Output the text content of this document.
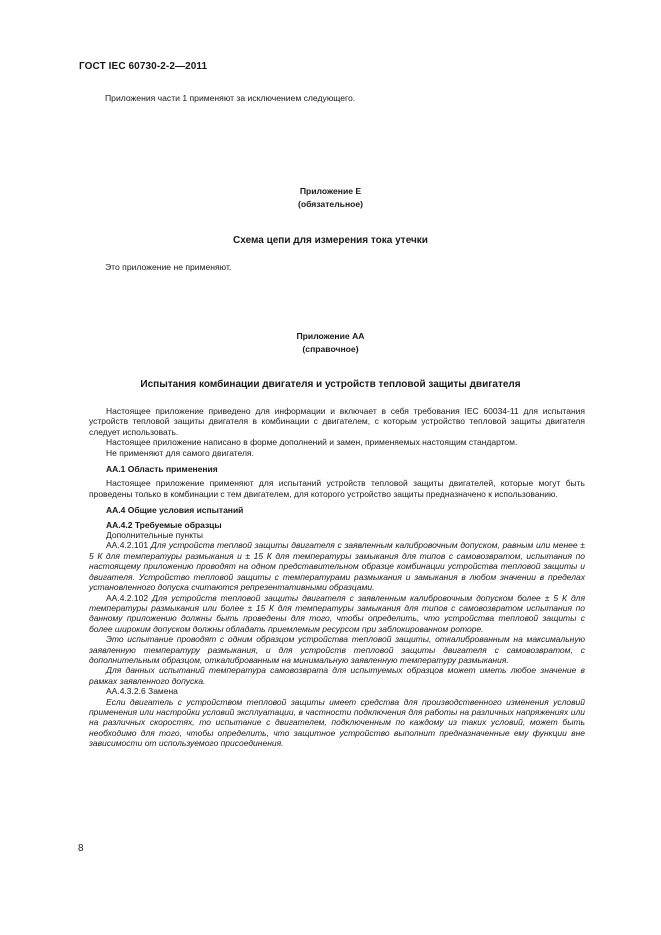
ГОСТ IEC 60730-2-2—2011
Приложения части 1 применяют за исключением следующего.
Приложение Е
(обязательное)
Схема цепи для измерения тока утечки
Это приложение не применяют.
Приложение АА
(справочное)
Испытания комбинации двигателя и устройств тепловой защиты двигателя

Настоящее приложение приведено для информации и включает в себя требования IEC 60034-11 для испытания устройств тепловой защиты двигателя в комбинации с двигателем, с которым устройство тепловой защиты двигателя следует использовать.

Настоящее приложение написано в форме дополнений и замен, применяемых настоящим стандартом.

Не применяют для самого двигателя.

АА.1 Область применения

Настоящее приложение применяют для испытаний устройств тепловой защиты двигателей, которые могут быть проведены только в комбинации с тем двигателем, для которого устройство защиты предназначено к использованию.

АА.4 Общие условия испытаний

АА.4.2 Требуемые образцы

Дополнительные пункты

АА.4.2.101 Для устройств теплвой защиты двигателя с заявленным калибровочным допуском, равным или менее ± 5 К для температуры размыкания и ± 15 К для температуры замыкания для типов с самовозвратом, испытания по настоящему приложению проводят на одном представительном образце комбинации устройства тепловой защиты и двигателя. Устройство тепловой защиты с температурами размыкания и замыкания в любом значении в пределах установленного допуска считаются репрезентативными образцами.

АА.4.2.102 Для устройств тепловой защиты двигателя с заявленным калибровочным допуском более ± 5 К для температуры размыкания или более ± 15 К для температуры замыкания для типов с самовозвратом испытания по данному приложению должны быть проведены для того, чтобы определить, что устройства тепловой защиты с более широким допуском должны обладать приемлемым ресурсом при заблокированном роторе.

Это испытание проводят с одним образцом устройства тепловой защиты, откалиброванным на максимальную заявленную температуру размыкания, и для устройств тепловой защиты двигателя с самовозвратом, с дополнительным образцом, откалиброванным на минимальную заявленную температуру размыкания.

Для данных испытаний температура самовозврата для испытуемых образцов может иметь любое значение в рамках заявленного допуска.

АА.4.3.2.6 Замена

Если двигатель с устройством тепловой защиты имеет средства для производственного изменения условий применения или настройки условий эксплуатации, в частности подключения для работы на различных напряжениях или на различных скоростях, то испытание с двигателем, подключенным по каждому из таких условий, может быть необходимо для того, чтобы определить, что защитное устройство выполнит предназначенные ему функции вне зависимости от используемого присоединения.

8
